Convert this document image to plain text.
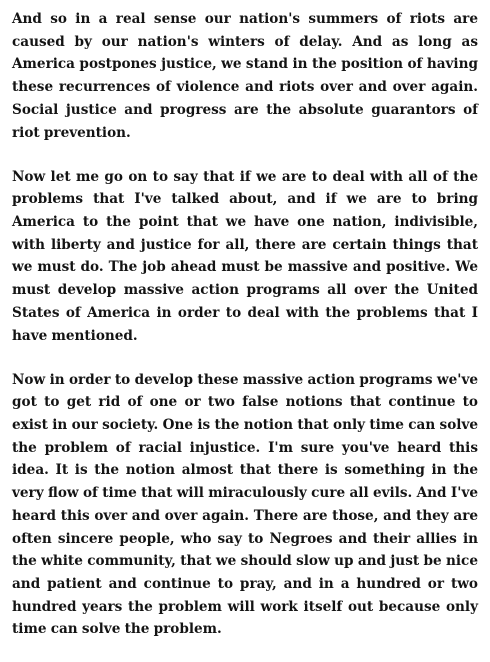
And so in a real sense our nation's summers of riots are caused by our nation's winters of delay. And as long as America postpones justice, we stand in the position of having these recurrences of violence and riots over and over again. Social justice and progress are the absolute guarantors of riot prevention.

Now let me go on to say that if we are to deal with all of the problems that I've talked about, and if we are to bring America to the point that we have one nation, indivisible, with liberty and justice for all, there are certain things that we must do. The job ahead must be massive and positive. We must develop massive action programs all over the United States of America in order to deal with the problems that I have mentioned.

Now in order to develop these massive action programs we've got to get rid of one or two false notions that continue to exist in our society. One is the notion that only time can solve the problem of racial injustice. I'm sure you've heard this idea. It is the notion almost that there is something in the very flow of time that will miraculously cure all evils. And I've heard this over and over again. There are those, and they are often sincere people, who say to Negroes and their allies in the white community, that we should slow up and just be nice and patient and continue to pray, and in a hundred or two hundred years the problem will work itself out because only time can solve the problem.
